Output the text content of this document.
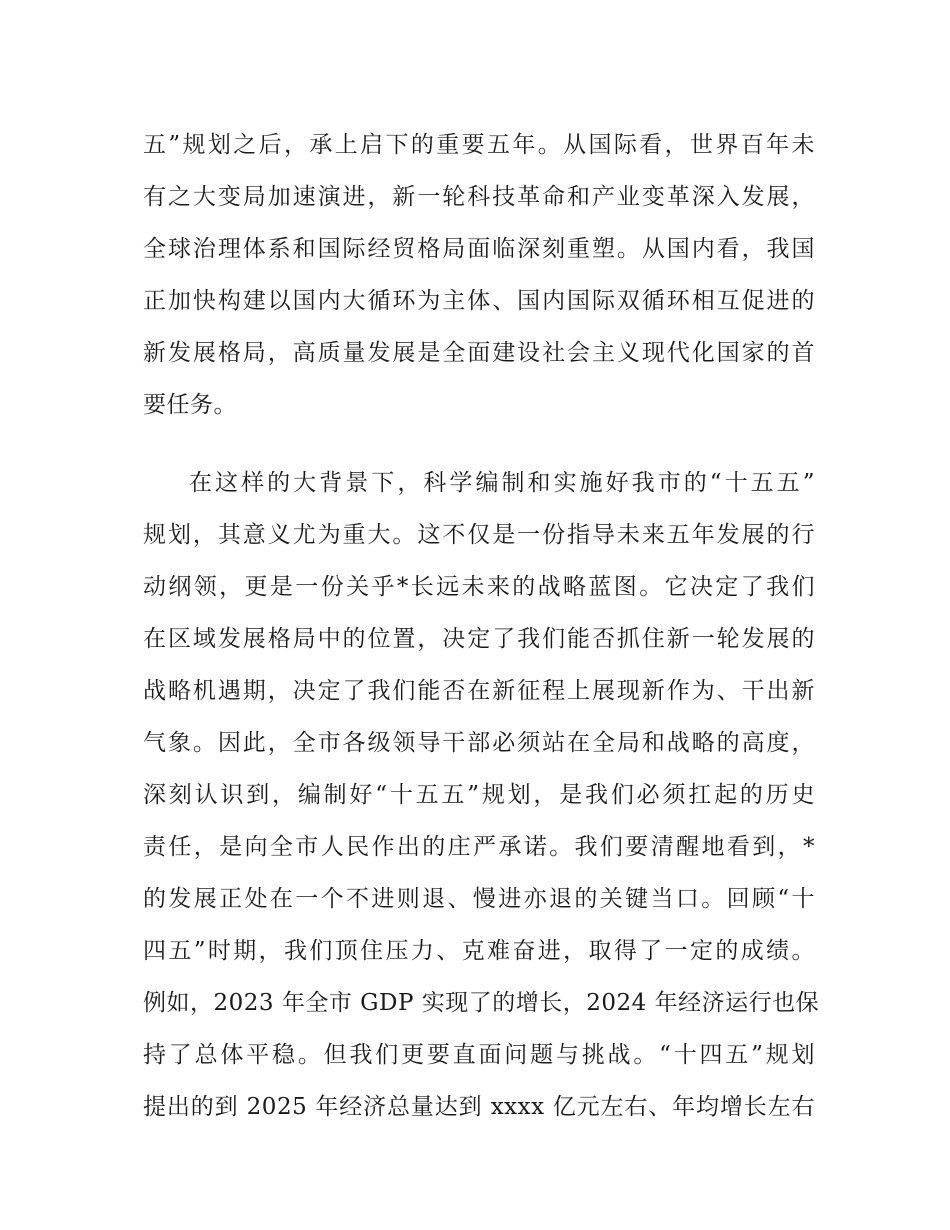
五”规划之后，承上启下的重要五年。从国际看，世界百年未
有之大变局加速演进，新一轮科技革命和产业变革深入发展，
全球治理体系和国际经贸格局面临深刻重塑。从国内看，我国
正加快构建以国内大循环为主体、国内国际双循环相互促进的
新发展格局，高质量发展是全面建设社会主义现代化国家的首
要任务。
在这样的大背景下，科学编制和实施好我市的“十五五”
规划，其意义尤为重大。这不仅是一份指导未来五年发展的行
动纲领，更是一份关乎*长远未来的战略蓝图。它决定了我们
在区域发展格局中的位置，决定了我们能否抓住新一轮发展的
战略机遇期，决定了我们能否在新征程上展现新作为、干出新
气象。因此，全市各级领导干部必须站在全局和战略的高度，
深刻认识到，编制好“十五五”规划，是我们必须扛起的历史
责任，是向全市人民作出的庄严承诺。我们要清醒地看到，*
的发展正处在一个不进则退、慢进亦退的关键当口。回顾“十
四五”时期，我们顶住压力、克难奋进，取得了一定的成绩。
例如，2023 年全市 GDP 实现了的增长，2024 年经济运行也保
持了总体平稳。但我们更要直面问题与挑战。“十四五”规划
提出的到 2025 年经济总量达到 xxxx 亿元左右、年均增长左右
